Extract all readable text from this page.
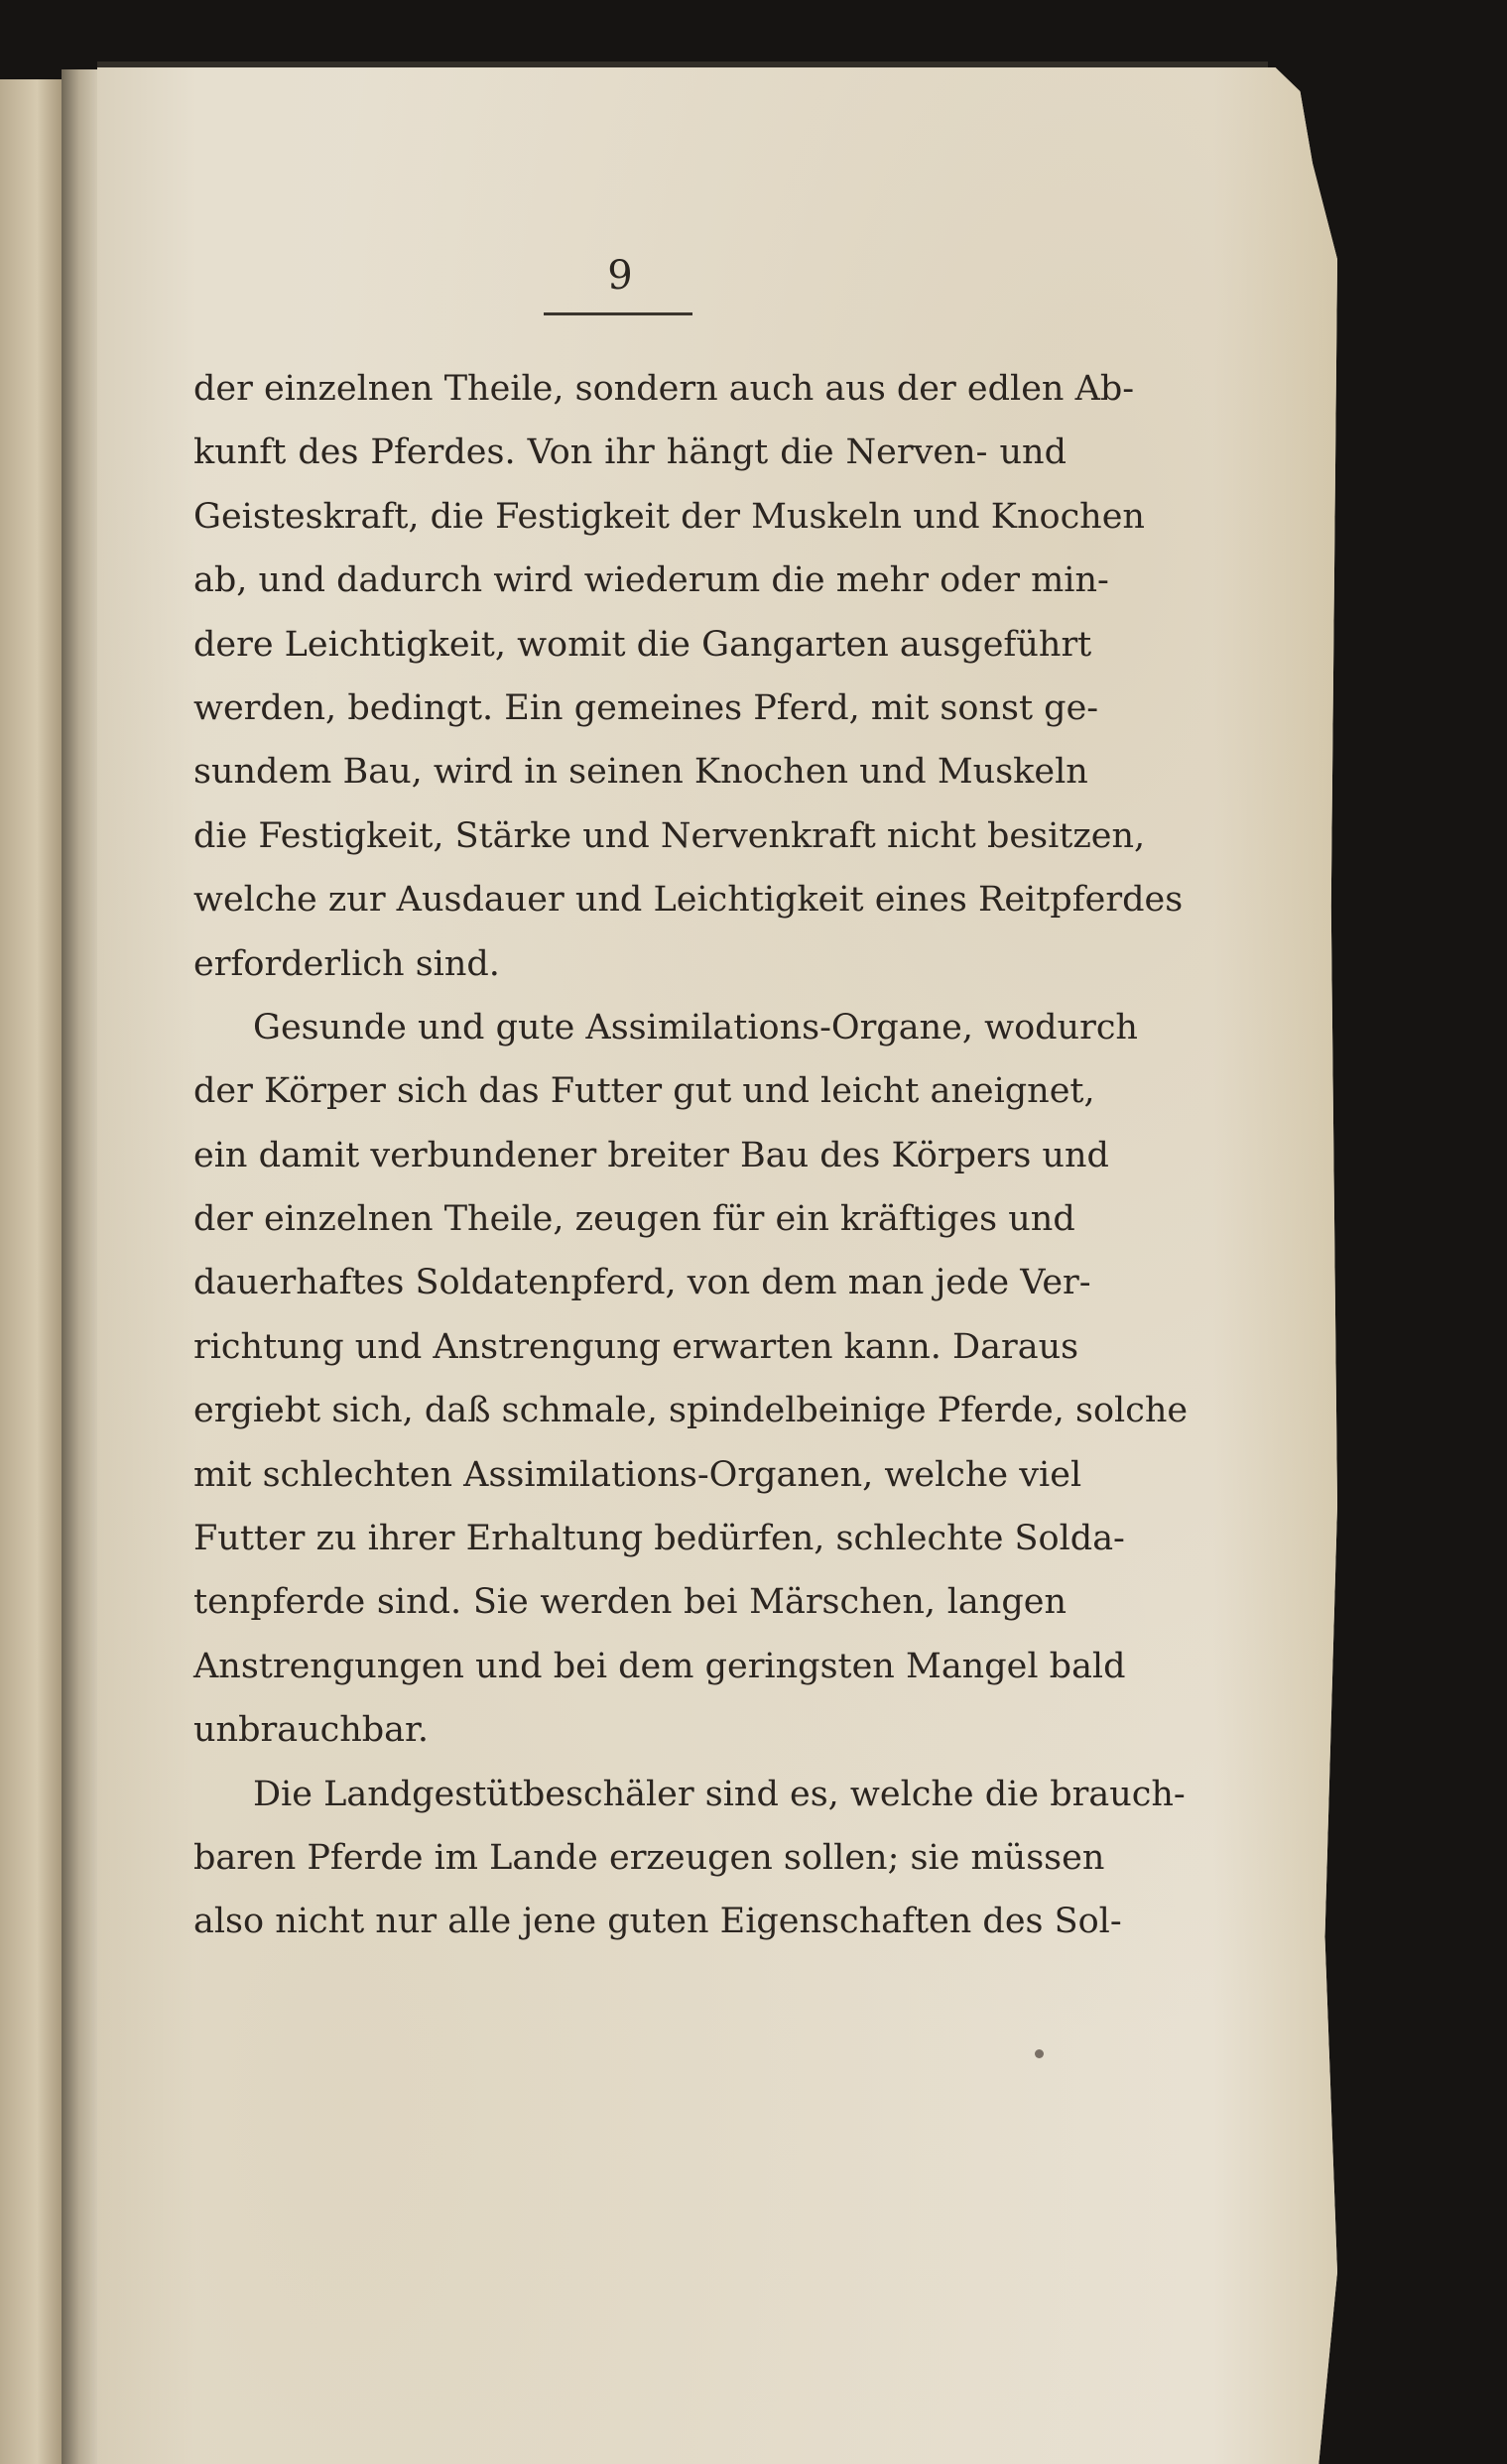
9
der einzelnen Theile, sondern auch aus der edlen Ab-
kunft des Pferdes. Von ihr hängt die Nerven- und
Geisteskraft, die Festigkeit der Muskeln und Knochen
ab, und dadurch wird wiederum die mehr oder min-
dere Leichtigkeit, womit die Gangarten ausgeführt
werden, bedingt. Ein gemeines Pferd, mit sonst ge-
sundem Bau, wird in seinen Knochen und Muskeln
die Festigkeit, Stärke und Nervenkraft nicht besitzen,
welche zur Ausdauer und Leichtigkeit eines Reitpferdes
erforderlich sind.
Gesunde und gute Assimilations-Organe, wodurch
der Körper sich das Futter gut und leicht aneignet,
ein damit verbundener breiter Bau des Körpers und
der einzelnen Theile, zeugen für ein kräftiges und
dauerhaftes Soldatenpferd, von dem man jede Ver-
richtung und Anstrengung erwarten kann. Daraus
ergiebt sich, daß schmale, spindelbeinige Pferde, solche
mit schlechten Assimilations-Organen, welche viel
Futter zu ihrer Erhaltung bedürfen, schlechte Solda-
tenpferde sind. Sie werden bei Märschen, langen
Anstrengungen und bei dem geringsten Mangel bald
unbrauchbar.
Die Landgestütbeschäler sind es, welche die brauch-
baren Pferde im Lande erzeugen sollen; sie müssen
also nicht nur alle jene guten Eigenschaften des Sol-
